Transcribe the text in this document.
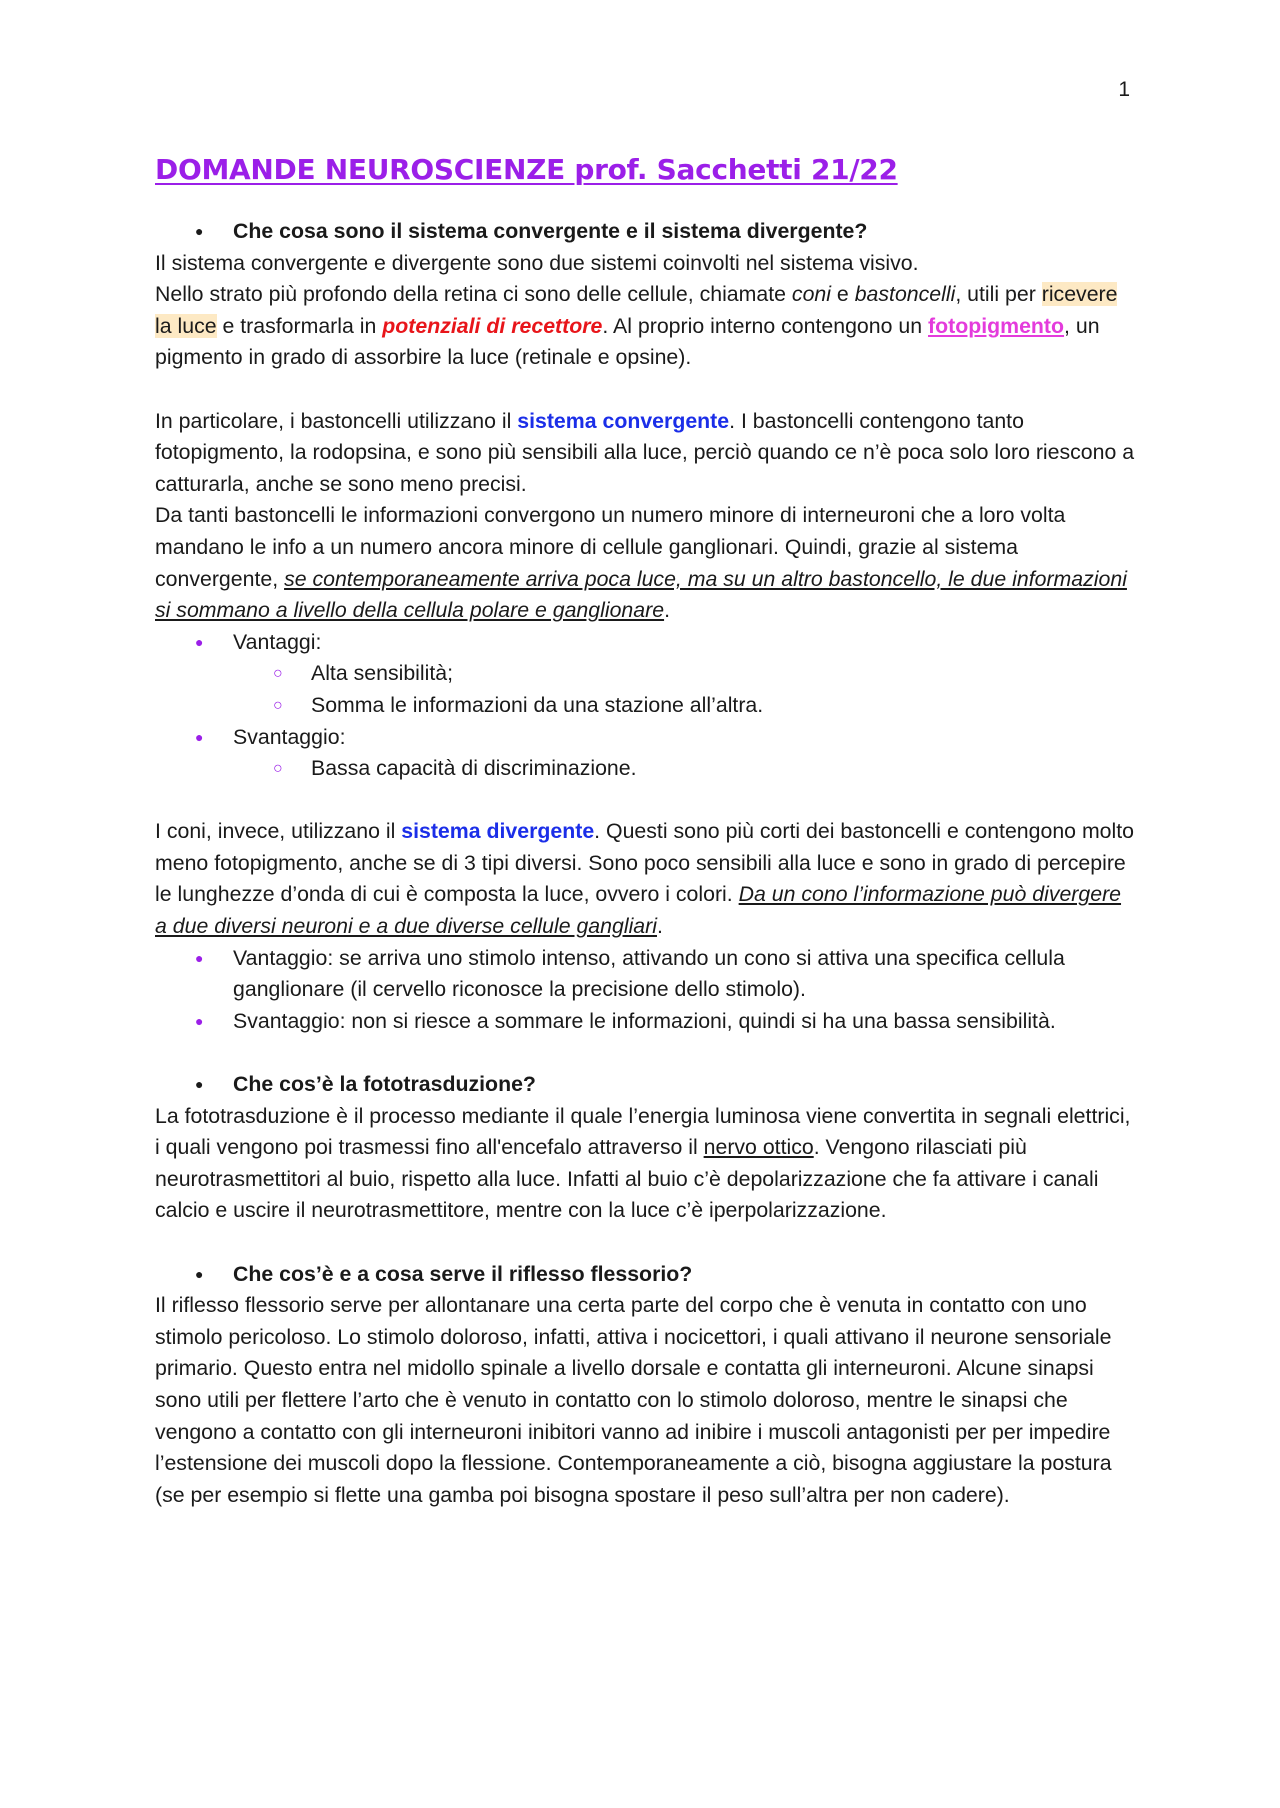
1
DOMANDE NEUROSCIENZE prof. Sacchetti 21/22

● Che cosa sono il sistema convergente e il sistema divergente?

Il sistema convergente e divergente sono due sistemi coinvolti nel sistema visivo.

Nello strato più profondo della retina ci sono delle cellule, chiamate coni e bastoncelli, utili per ricevere la luce e trasformarla in potenziali di recettore. Al proprio interno contengono un fotopigmento, un pigmento in grado di assorbire la luce (retinale e opsine).

In particolare, i bastoncelli utilizzano il sistema convergente. I bastoncelli contengono tanto fotopigmento, la rodopsina, e sono più sensibili alla luce, perciò quando ce n’è poca solo loro riescono a catturarla, anche se sono meno precisi.

Da tanti bastoncelli le informazioni convergono un numero minore di interneuroni che a loro volta mandano le info a un numero ancora minore di cellule ganglionari. Quindi, grazie al sistema convergente, se contemporaneamente arriva poca luce, ma su un altro bastoncello, le due informazioni si sommano a livello della cellula polare e ganglionare.

● Vantaggi:
○ Alta sensibilità;
○ Somma le informazioni da una stazione all’altra.
● Svantaggio:
○ Bassa capacità di discriminazione.

I coni, invece, utilizzano il sistema divergente. Questi sono più corti dei bastoncelli e contengono molto meno fotopigmento, anche se di 3 tipi diversi. Sono poco sensibili alla luce e sono in grado di percepire le lunghezze d’onda di cui è composta la luce, ovvero i colori. Da un cono l’informazione può divergere a due diversi neuroni e a due diverse cellule gangliari.

● Vantaggio: se arriva uno stimolo intenso, attivando un cono si attiva una specifica cellula ganglionare (il cervello riconosce la precisione dello stimolo).
● Svantaggio: non si riesce a sommare le informazioni, quindi si ha una bassa sensibilità.

● Che cos’è la fototrasduzione?

La fototrasduzione è il processo mediante il quale l’energia luminosa viene convertita in segnali elettrici, i quali vengono poi trasmessi fino all'encefalo attraverso il nervo ottico. Vengono rilasciati più neurotrasmettitori al buio, rispetto alla luce. Infatti al buio c’è depolarizzazione che fa attivare i canali calcio e uscire il neurotrasmettitore, mentre con la luce c’è iperpolarizzazione.

● Che cos’è e a cosa serve il riflesso flessorio?

Il riflesso flessorio serve per allontanare una certa parte del corpo che è venuta in contatto con uno stimolo pericoloso. Lo stimolo doloroso, infatti, attiva i nocicettori, i quali attivano il neurone sensoriale primario. Questo entra nel midollo spinale a livello dorsale e contatta gli interneuroni. Alcune sinapsi sono utili per flettere l’arto che è venuto in contatto con lo stimolo doloroso, mentre le sinapsi che vengono a contatto con gli interneuroni inibitori vanno ad inibire i muscoli antagonisti per per impedire l’estensione dei muscoli dopo la flessione. Contemporaneamente a ciò, bisogna aggiustare la postura (se per esempio si flette una gamba poi bisogna spostare il peso sull’altra per non cadere).
